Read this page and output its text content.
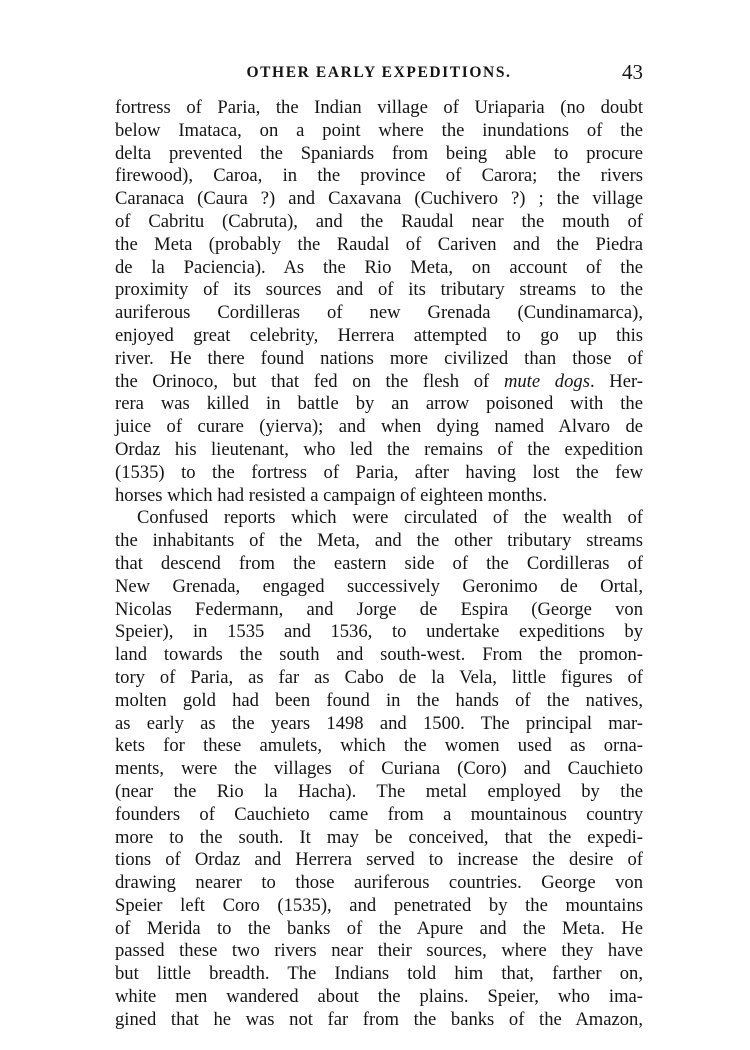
OTHER EARLY EXPEDITIONS.	43
fortress of Paria, the Indian village of Uriaparia (no doubt
below Imataca, on a point where the inundations of the
delta prevented the Spaniards from being able to procure
firewood), Caroa, in the province of Carora; the rivers
Caranaca (Caura ?) and Caxavana (Cuchivero ?) ; the village
of Cabritu (Cabruta), and the Raudal near the mouth of
the Meta (probably the Raudal of Cariven and the Piedra
de la Paciencia). As the Rio Meta, on account of the
proximity of its sources and of its tributary streams to the
auriferous Cordilleras of new Grenada (Cundinamarca),
enjoyed great celebrity, Herrera attempted to go up this
river. He there found nations more civilized than those of
the Orinoco, but that fed on the flesh of mute dogs. Her-
rera was killed in battle by an arrow poisoned with the
juice of curare (yierva); and when dying named Alvaro de
Ordaz his lieutenant, who led the remains of the expedition
(1535) to the fortress of Paria, after having lost the few
horses which had resisted a campaign of eighteen months.
Confused reports which were circulated of the wealth of
the inhabitants of the Meta, and the other tributary streams
that descend from the eastern side of the Cordilleras of
New Grenada, engaged successively Geronimo de Ortal,
Nicolas Federmann, and Jorge de Espira (George von
Speier), in 1535 and 1536, to undertake expeditions by
land towards the south and south-west. From the promon-
tory of Paria, as far as Cabo de la Vela, little figures of
molten gold had been found in the hands of the natives,
as early as the years 1498 and 1500. The principal mar-
kets for these amulets, which the women used as orna-
ments, were the villages of Curiana (Coro) and Cauchieto
(near the Rio la Hacha). The metal employed by the
founders of Cauchieto came from a mountainous country
more to the south. It may be conceived, that the expedi-
tions of Ordaz and Herrera served to increase the desire of
drawing nearer to those auriferous countries. George von
Speier left Coro (1535), and penetrated by the mountains
of Merida to the banks of the Apure and the Meta. He
passed these two rivers near their sources, where they have
but little breadth. The Indians told him that, farther on,
white men wandered about the plains. Speier, who ima-
gined that he was not far from the banks of the Amazon,
